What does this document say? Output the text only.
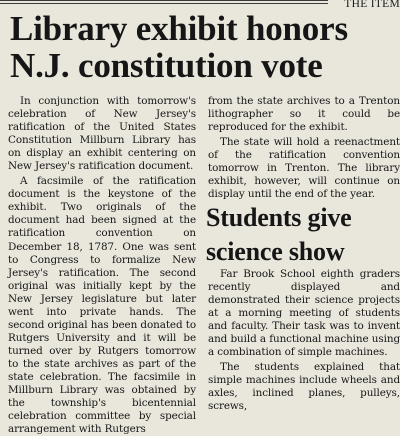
THE ITEM
Library exhibit honors
N.J. constitution vote

In conjunction with tomorrow's celebration of New Jersey's ratification of the United States Constitution Millburn Library has on display an exhibit centering on New Jersey's ratification document.

A facsimile of the ratification document is the keystone of the exhibit. Two originals of the document had been signed at the ratification convention on December 18, 1787. One was sent to Congress to formalize New Jersey's ratification. The second original was initially kept by the New Jersey legislature but later went into private hands. The second original has been donated to Rutgers University and it will be turned over by Rutgers tomorrow to the state archives as part of the state celebration. The facsimile in Millburn Library was obtained by the township's bicentennial celebration committee by special arrangement with Rutgers

from the state archives to a Trenton lithographer so it could be reproduced for the exhibit.

The state will hold a reenactment of the ratification convention tomorrow in Trenton. The library exhibit, however, will continue on display until the end of the year.

Students give
science show

Far Brook School eighth graders recently displayed and demonstrated their science projects at a morning meeting of students and faculty. Their task was to invent and build a functional machine using a combination of simple machines.

The students explained that simple machines include wheels and axles, inclined planes, pulleys, screws,
